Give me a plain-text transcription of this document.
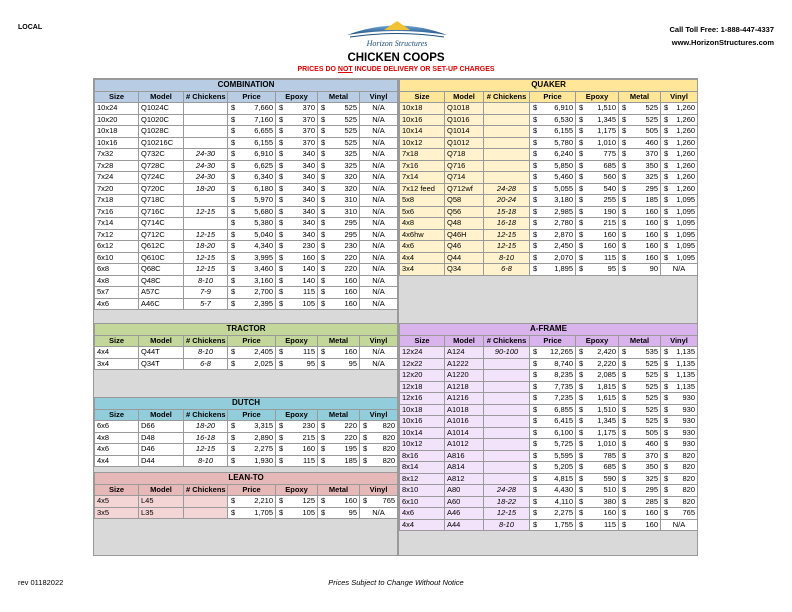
LOCAL	Call Toll Free: 1-888-447-4337
www.HorizonStructures.com
Horizon Structures
CHICKEN COOPS
PRICES DO NOT INCUDE DELIVERY OR SET-UP CHARGES
COMBINATION						
Size	Model	# Chickens	Price	Epoxy	Metal	Vinyl
10x24	Q1024C		$ 7,660	$ 370	$ 525	N/A
10x20	Q1020C		$ 7,160	$ 370	$ 525	N/A
10x18	Q1028C		$ 6,655	$ 370	$ 525	N/A
10x16	Q10216C		$ 6,155	$ 370	$ 525	N/A
7x32	Q732C	24-30	$ 6,910	$ 340	$ 325	N/A
7x28	Q728C	24-30	$ 6,625	$ 340	$ 325	N/A
7x24	Q724C	24-30	$ 6,340	$ 340	$ 320	N/A
7x20	Q720C	18-20	$ 6,180	$ 340	$ 320	N/A
7x18	Q718C		$ 5,970	$ 340	$ 310	N/A
7x16	Q716C	12-15	$ 5,680	$ 340	$ 310	N/A
7x14	Q714C		$ 5,380	$ 340	$ 295	N/A
7x12	Q712C	12-15	$ 5,040	$ 340	$ 295	N/A
6x12	Q612C	18-20	$ 4,340	$ 230	$ 230	N/A
6x10	Q610C	12-15	$ 3,995	$ 160	$ 220	N/A
6x8	Q68C	12-15	$ 3,460	$ 140	$ 220	N/A
4x8	Q48C	8-10	$ 3,160	$ 140	$ 160	N/A
5x7	A57C	7-9	$ 2,700	$ 115	$ 160	N/A
4x6	A46C	5-7	$ 2,395	$ 105	$ 160	N/A
TRACTOR						
Size	Model	# Chickens	Price	Epoxy	Metal	Vinyl
4x4	Q44T	8-10	$ 2,405	$ 115	$ 160	N/A
3x4	Q34T	6-8	$ 2,025	$ 95	$ 95	N/A
DUTCH						
Size	Model	# Chickens	Price	Epoxy	Metal	Vinyl
6x6	D66	18-20	$ 3,315	$ 230	$ 220	$ 820

4x8	D48	16-18	$ 2,890	$ 215	$ 220	$ 820

4x6	D46	12-15	$ 2,275	$ 160	$ 195	$ 820

4x4	D44	8-10	$ 1,930	$ 115	$ 185	$ 820
LEAN-TO						
Size	Model	# Chickens	Price	Epoxy	Metal	Vinyl
4x5	L45		$ 2,210	$ 125	$ 160	$ 765

3x5	L35		$ 1,705	$ 105	$ 95	N/A
QUAKER						
Size	Model	# Chickens	Price	Epoxy	Metal	Vinyl
10x18	Q1018		$ 6,910	$ 1,510	$ 525	$ 1,260

10x16	Q1016		$ 6,530	$ 1,345	$ 525	$ 1,260

10x14	Q1014		$ 6,155	$ 1,175	$ 505	$ 1,260

10x12	Q1012		$ 5,780	$ 1,010	$ 460	$ 1,260

7x18	Q718		$ 6,240	$ 775	$ 370	$ 1,260

7x16	Q716		$ 5,850	$ 685	$ 350	$ 1,260

7x14	Q714		$ 5,460	$ 560	$ 325	$ 1,260

7x12 feed	Q712wf	24-28	$ 5,055	$ 540	$ 295	$ 1,260

5x8	Q58	20-24	$ 3,180	$ 255	$ 185	$ 1,095

5x6	Q56	15-18	$ 2,985	$ 190	$ 160	$ 1,095

4x8	Q48	16-18	$ 2,780	$ 215	$ 160	$ 1,095

4x6hw	Q46H	12-15	$ 2,870	$ 160	$ 160	$ 1,095

4x6	Q46	12-15	$ 2,450	$ 160	$ 160	$ 1,095

4x4	Q44	8-10	$ 2,070	$ 115	$ 160	$ 1,095

3x4	Q34	6-8	$ 1,895	$ 95	$ 90	N/A
A-FRAME						
Size	Model	# Chickens	Price	Epoxy	Metal	Vinyl
12x24	A124	90-100	$ 12,265	$ 2,420	$ 535	$ 1,135

12x22	A1222		$ 8,740	$ 2,220	$ 525	$ 1,135

12x20	A1220		$ 8,235	$ 2,085	$ 525	$ 1,135

12x18	A1218		$ 7,735	$ 1,815	$ 525	$ 1,135

12x16	A1216		$ 7,235	$ 1,615	$ 525	$ 930

10x18	A1018		$ 6,855	$ 1,510	$ 525	$ 930

10x16	A1016		$ 6,415	$ 1,345	$ 525	$ 930

10x14	A1014		$ 6,100	$ 1,175	$ 505	$ 930

10x12	A1012		$ 5,725	$ 1,010	$ 460	$ 930

8x16	A816		$ 5,595	$ 785	$ 370	$ 820

8x14	A814		$ 5,205	$ 685	$ 350	$ 820

8x12	A812		$ 4,815	$ 590	$ 325	$ 820

8x10	A80	24-28	$ 4,430	$ 510	$ 295	$ 820

6x10	A60	18-22	$ 4,110	$ 380	$ 285	$ 820

4x6	A46	12-15	$ 2,275	$ 160	$ 160	$ 765

4x4	A44	8-10	$ 1,755	$ 115	$ 160	N/A
rev 01182022	Prices Subject to Change Without Notice
